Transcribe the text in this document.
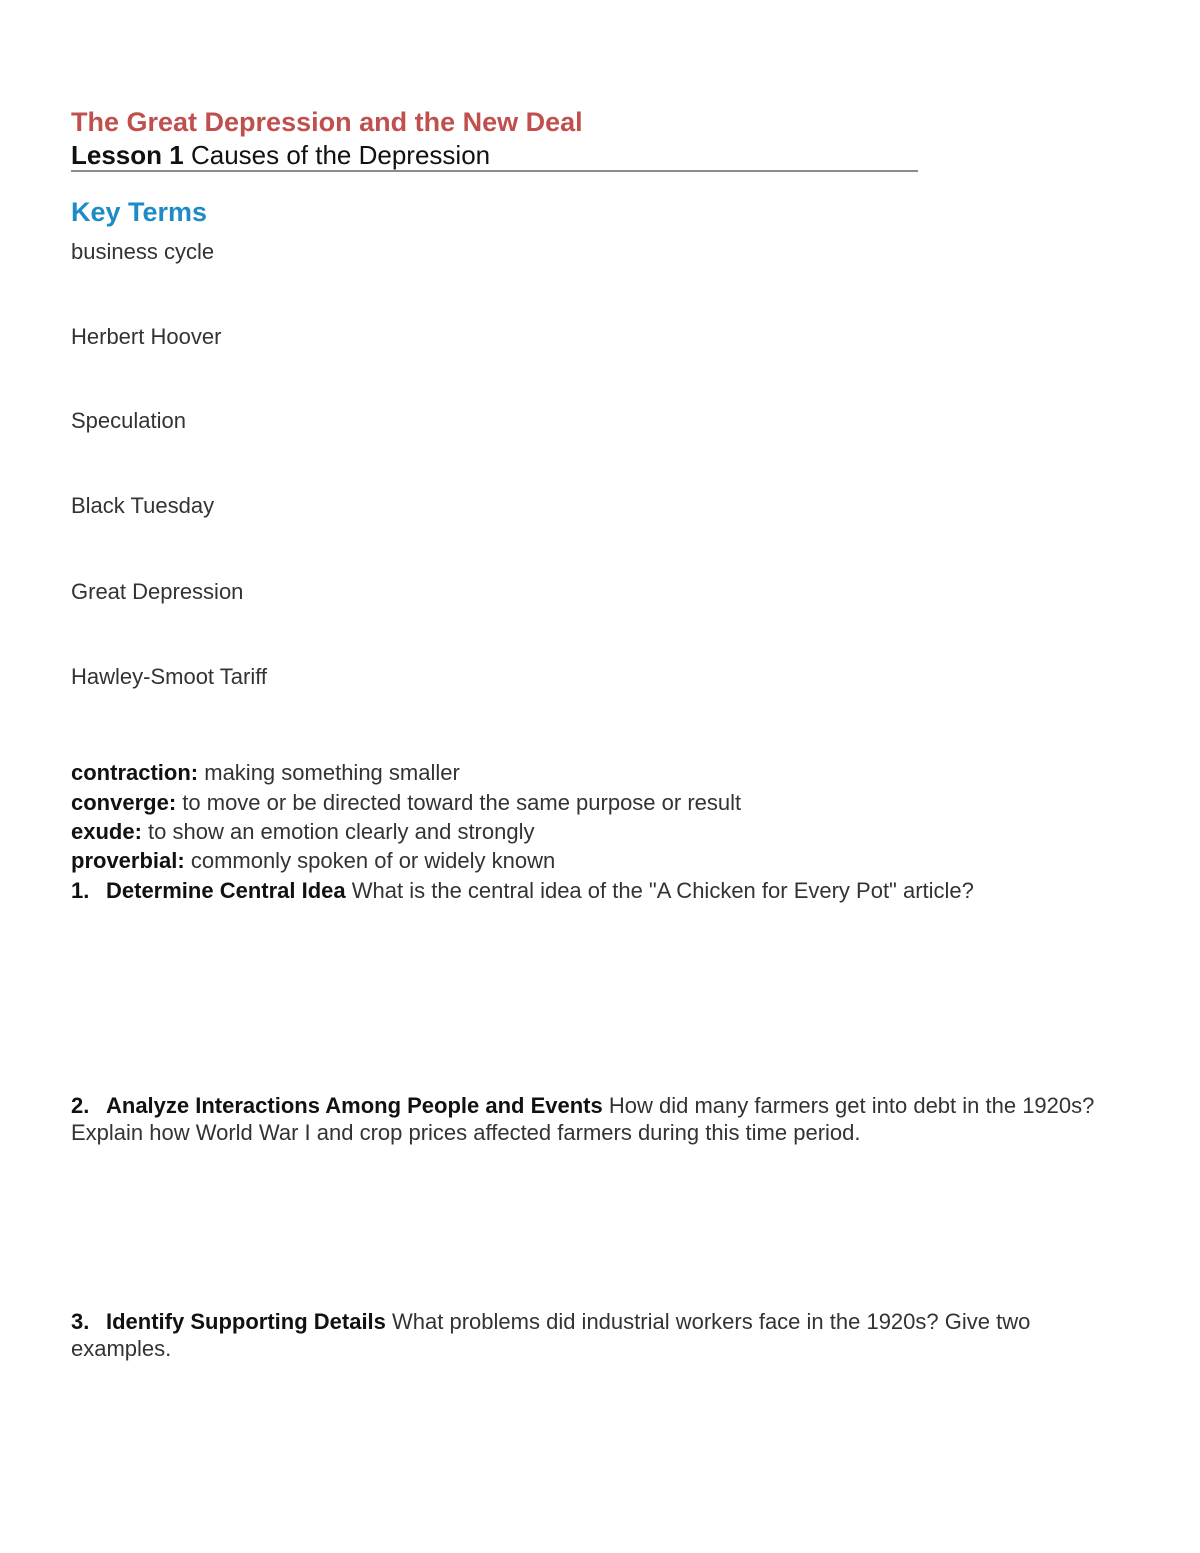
The Great Depression and the New Deal
Lesson 1 Causes of the Depression
Key Terms
business cycle
Herbert Hoover
Speculation
Black Tuesday
Great Depression
Hawley-Smoot Tariff
contraction: making something smaller
converge: to move or be directed toward the same purpose or result
exude: to show an emotion clearly and strongly
proverbial: commonly spoken of or widely known
1. Determine Central Idea What is the central idea of the "A Chicken for Every Pot" article?
2. Analyze Interactions Among People and Events How did many farmers get into debt in the 1920s? Explain how World War I and crop prices affected farmers during this time period.
3. Identify Supporting Details What problems did industrial workers face in the 1920s? Give two examples.
